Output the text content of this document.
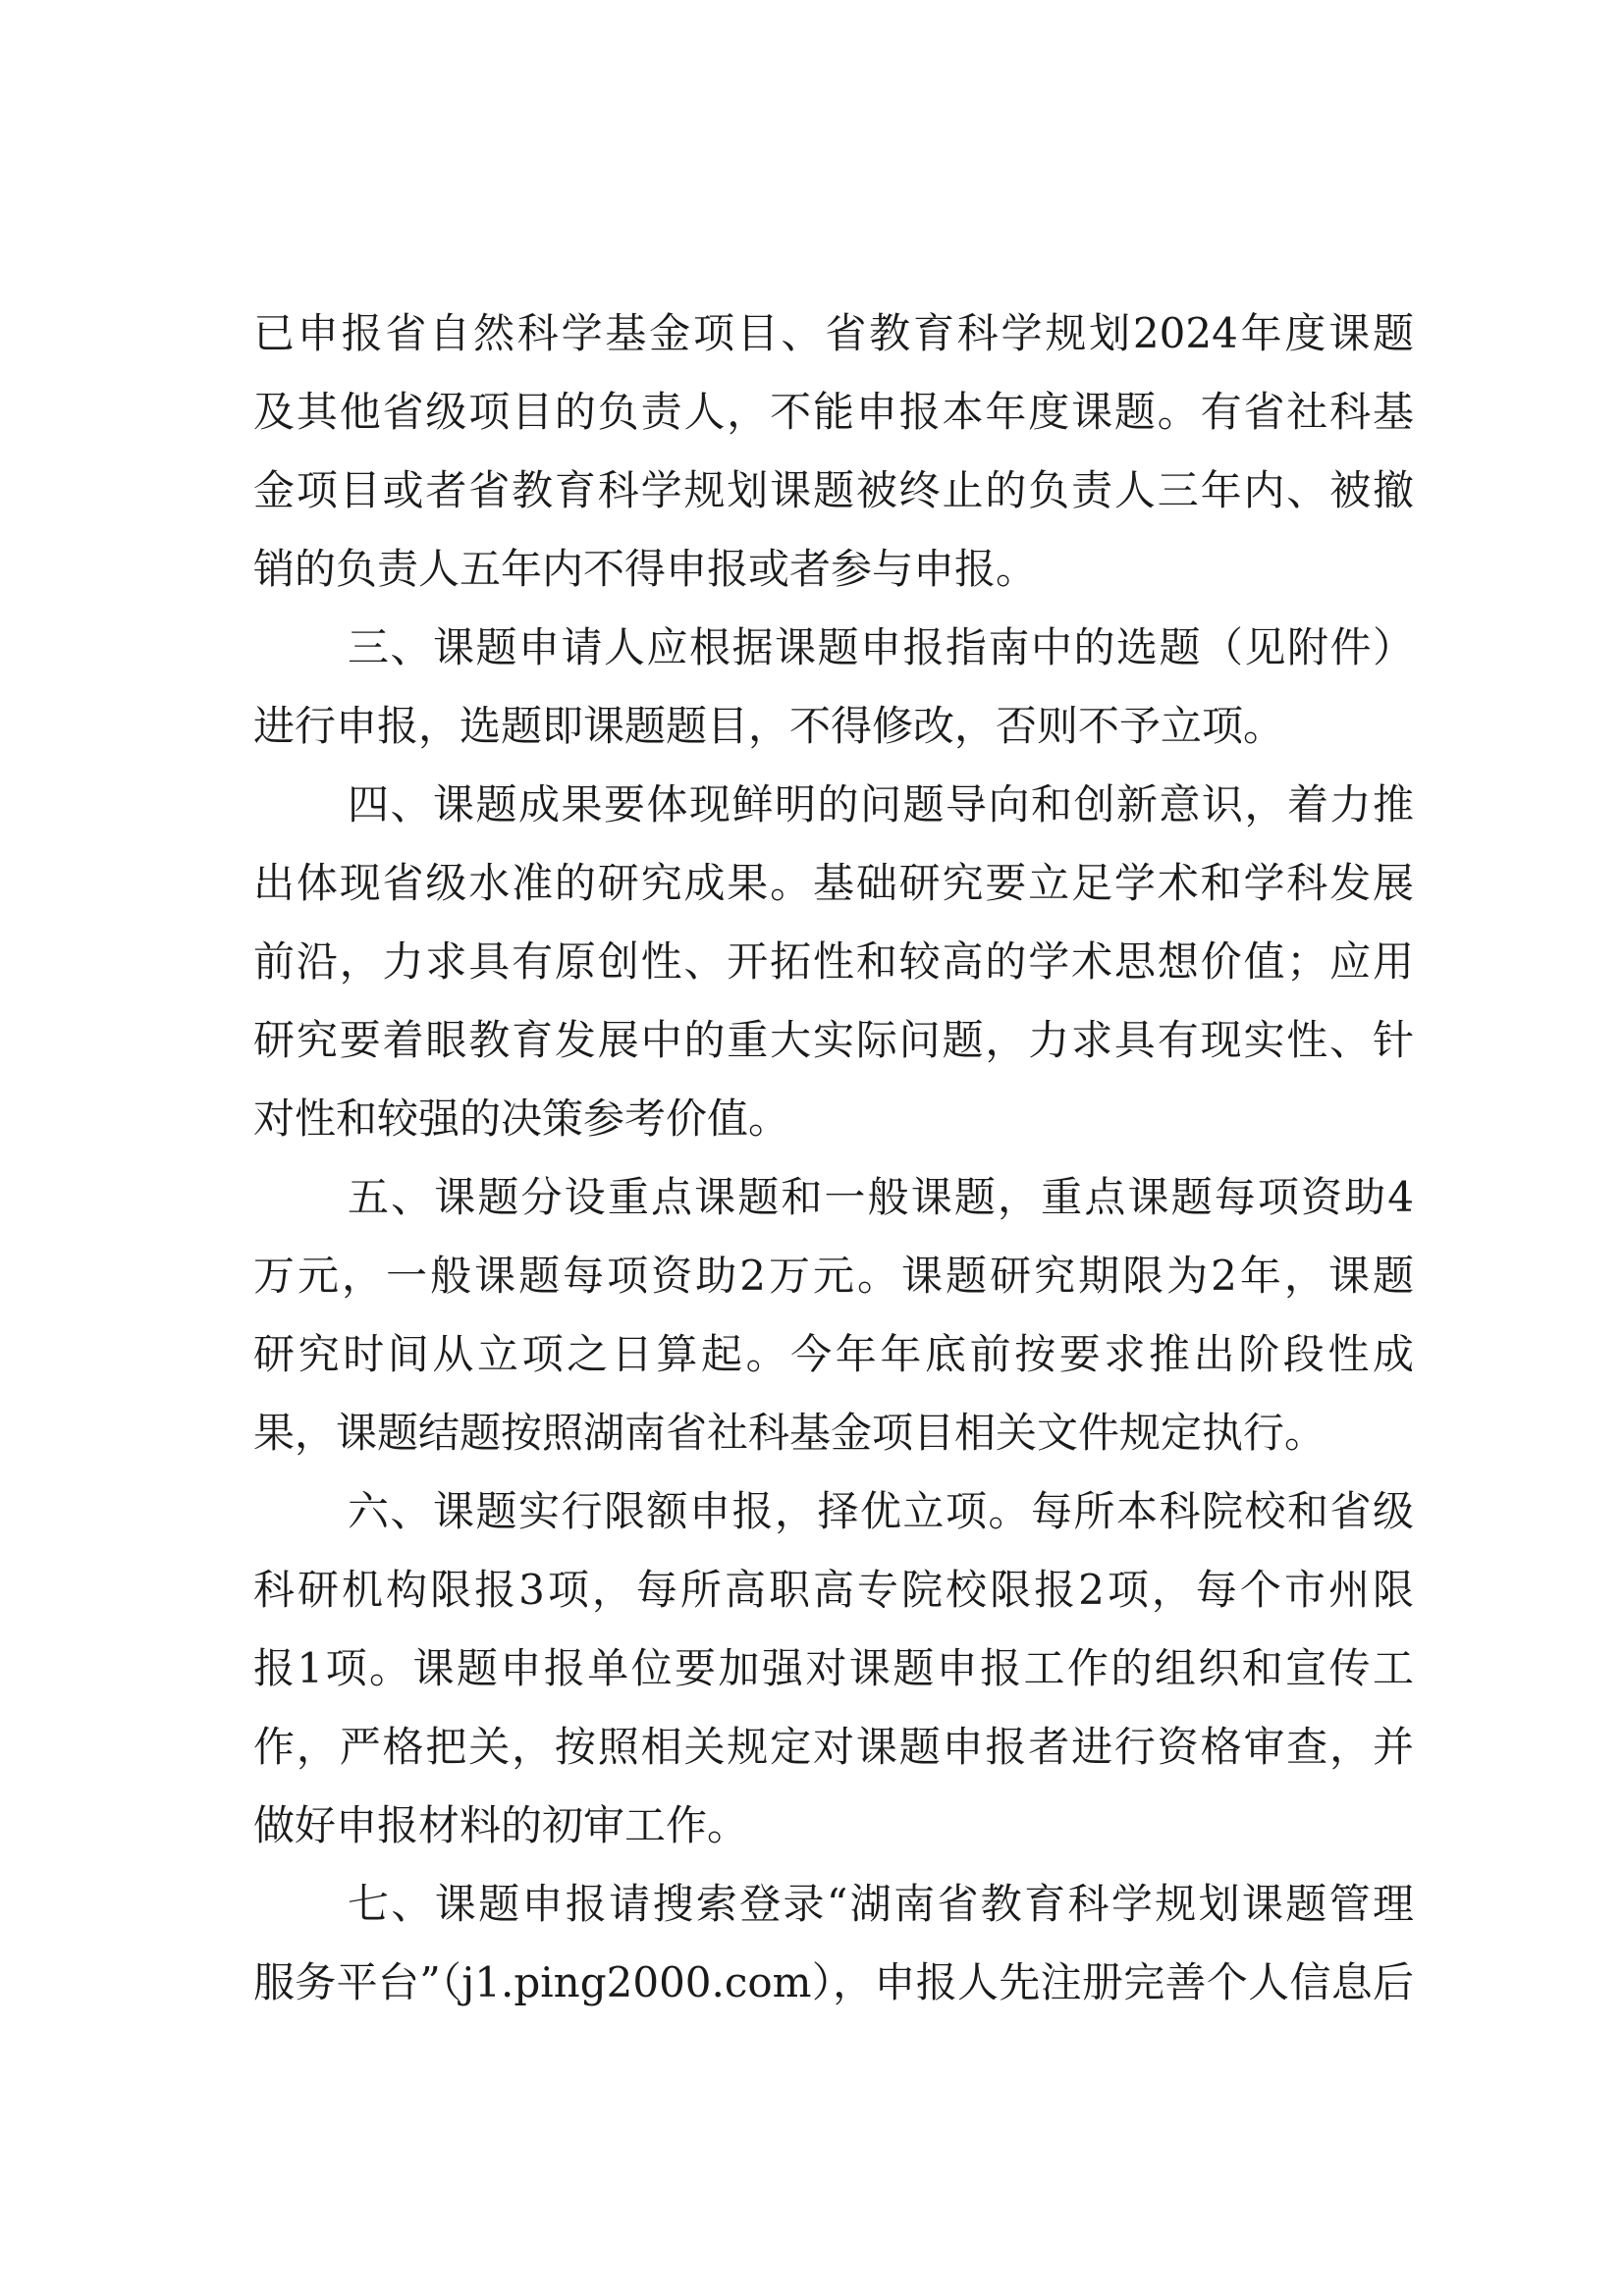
已申报省自然科学基金项目、省教育科学规划2024年度课题
及其他省级项目的负责人，不能申报本年度课题。有省社科基
金项目或者省教育科学规划课题被终止的负责人三年内、被撤
销的负责人五年内不得申报或者参与申报。
三、课题申请人应根据课题申报指南中的选题（见附件）
进行申报，选题即课题题目，不得修改，否则不予立项。
四、课题成果要体现鲜明的问题导向和创新意识，着力推
出体现省级水准的研究成果。基础研究要立足学术和学科发展
前沿，力求具有原创性、开拓性和较高的学术思想价值；应用
研究要着眼教育发展中的重大实际问题，力求具有现实性、针
对性和较强的决策参考价值。
五、课题分设重点课题和一般课题，重点课题每项资助4
万元，一般课题每项资助2万元。课题研究期限为2年，课题
研究时间从立项之日算起。今年年底前按要求推出阶段性成
果，课题结题按照湖南省社科基金项目相关文件规定执行。
六、课题实行限额申报，择优立项。每所本科院校和省级
科研机构限报3项，每所高职高专院校限报2项，每个市州限
报1项。课题申报单位要加强对课题申报工作的组织和宣传工
作，严格把关，按照相关规定对课题申报者进行资格审查，并
做好申报材料的初审工作。
七、课题申报请搜索登录“湖南省教育科学规划课题管理
服务平台”（j1.ping2000.com），申报人先注册完善个人信息后
